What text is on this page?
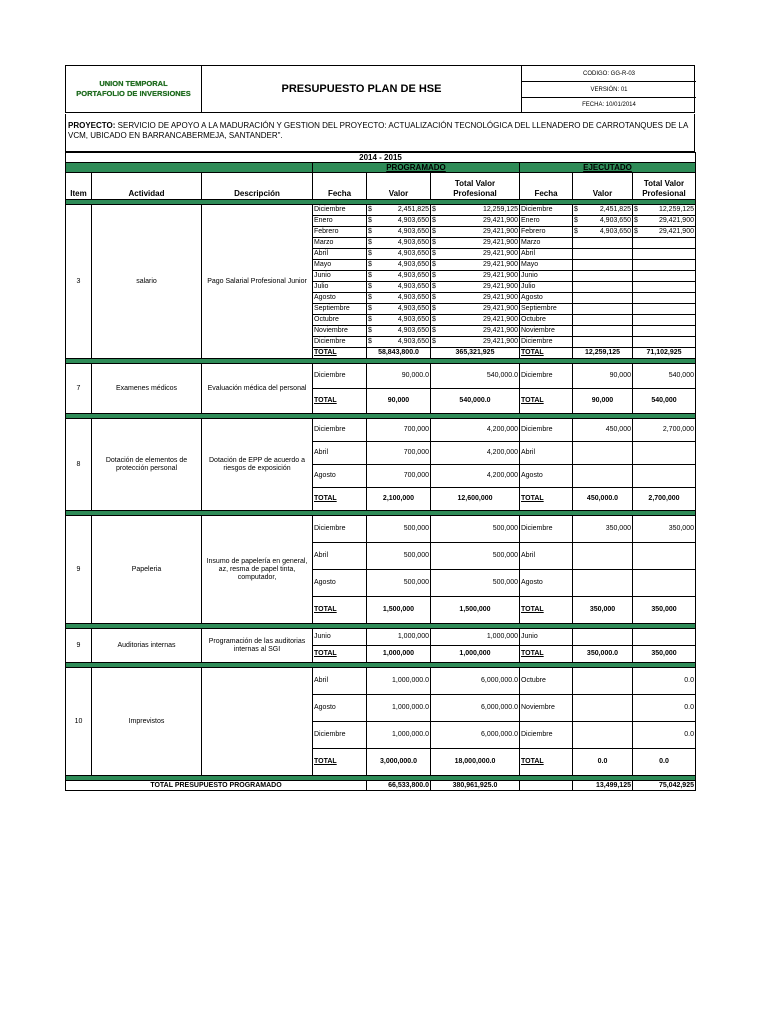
UNION TEMPORAL
PORTAFOLIO DE INVERSIONES	PRESUPUESTO PLAN DE HSE
CODIGO: GG-R-03
VERSIÓN: 01
FECHA: 10/01/2014
PROYECTO: SERVICIO DE APOYO A LA MADURACIÓN Y GESTION DEL PROYECTO: ACTUALIZACIÓN TECNOLÓGICA DEL LLENADERO DE CARROTANQUES DE LA VCM, UBICADO EN BARRANCABERMEJA, SANTANDER".
2014 - 2015								
			PROGRAMADO			EJECUTADO		
Item	Actividad	Descripción	Fecha	Valor	Total Valor Profesional	Fecha	Valor	Total Valor Profesional

3	salario	Pago Salarial Profesional Junior	Diciembre	$ 2,451,825	$ 12,259,125	Diciembre	$ 2,451,825	$ 12,259,125

			Enero	$ 4,903,650	$ 29,421,900	Enero	$ 4,903,650	$ 29,421,900

			Febrero	$ 4,903,650	$ 29,421,900	Febrero	$ 4,903,650	$ 29,421,900

			Marzo	$ 4,903,650	$ 29,421,900	Marzo		
			Abril	$ 4,903,650	$ 29,421,900	Abril		
			Mayo	$ 4,903,650	$ 29,421,900	Mayo		
			Junio	$ 4,903,650	$ 29,421,900	Junio		
			Julio	$ 4,903,650	$ 29,421,900	Julio		
			Agosto	$ 4,903,650	$ 29,421,900	Agosto		
			Septiembre	$ 4,903,650	$ 29,421,900	Septiembre		
			Octubre	$ 4,903,650	$ 29,421,900	Octubre		
			Noviembre	$ 4,903,650	$ 29,421,900	Noviembre		
			Diciembre	$ 4,903,650	$ 29,421,900	Diciembre		
			TOTAL	58,843,800.0	365,321,925	TOTAL	12,259,125	71,102,925

7	Examenes médicos	Evaluación médica del personal	Diciembre	90,000.0	540,000.0	Diciembre	90,000	540,000
			TOTAL	90,000	540,000.0	TOTAL	90,000	540,000

8	Dotación de elementos de protección personal	Dotación de EPP de acuerdo a riesgos de exposición	Diciembre	700,000	4,200,000	Diciembre	450,000	2,700,000
			Abril	700,000	4,200,000	Abril		
			Agosto	700,000	4,200,000	Agosto		
			TOTAL	2,100,000	12,600,000	TOTAL	450,000.0	2,700,000

9	Papeleria	Insumo de papelería en general, az, resma de papel tinta, computador,	Diciembre	500,000	500,000	Diciembre	350,000	350,000
			Abril	500,000	500,000	Abril		
			Agosto	500,000	500,000	Agosto		
			TOTAL	1,500,000	1,500,000	TOTAL	350,000	350,000

9	Auditorias internas	Programación de las auditorias internas al SGI	Junio	1,000,000	1,000,000	Junio		
			TOTAL	1,000,000	1,000,000	TOTAL	350,000.0	350,000

10	Imprevistos		Abril	1,000,000.0	6,000,000.0	Octubre		0.0
			Agosto	1,000,000.0	6,000,000.0	Noviembre		0.0
			Diciembre	1,000,000.0	6,000,000.0	Diciembre		0.0
			TOTAL	3,000,000.0	18,000,000.0	TOTAL	0.0	0.0

TOTAL PRESUPUESTO PROGRAMADO				66,533,800.0	380,961,925.0		13,499,125	75,042,925
